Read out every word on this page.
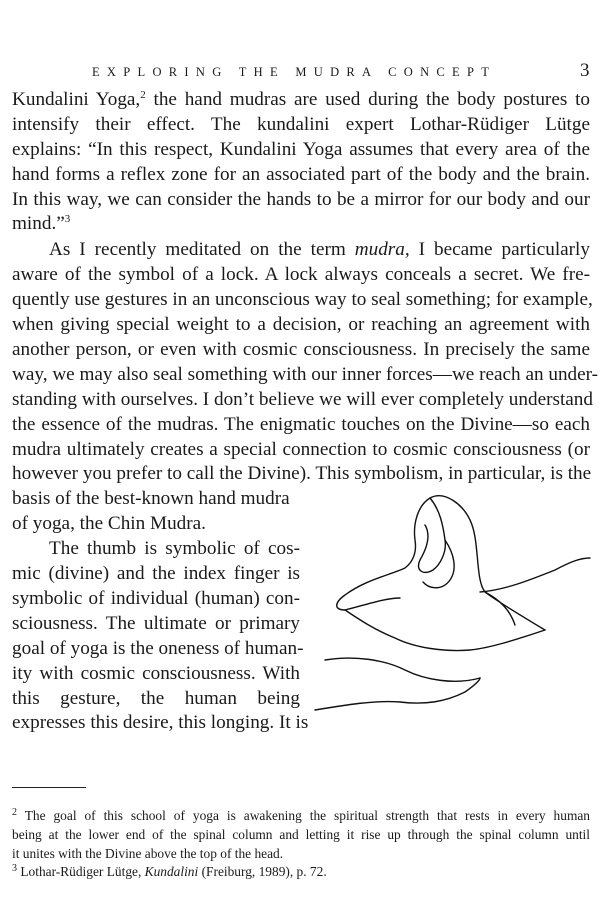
EXPLORING THE MUDRA CONCEPT	3
Kundalini Yoga,$^2$ the hand mudras are used during the body postures to
intensify their effect. The kundalini expert Lothar-Rüdiger Lütge
explains: “In this respect, Kundalini Yoga assumes that every area of the
hand forms a reflex zone for an associated part of the body and the brain.
In this way, we can consider the hands to be a mirror for our body and our
mind.”$^3$
As I recently meditated on the term mudra, I became particularly
aware of the symbol of a lock. A lock always conceals a secret. We fre-
quently use gestures in an unconscious way to seal something; for example,
when giving special weight to a decision, or reaching an agreement with
another person, or even with cosmic consciousness. In precisely the same
way, we may also seal something with our inner forces—we reach an under-
standing with ourselves. I don’t believe we will ever completely understand
the essence of the mudras. The enigmatic touches on the Divine—so each
mudra ultimately creates a special connection to cosmic consciousness (or
however you prefer to call the Divine). This symbolism, in particular, is the
basis of the best-known hand mudra
of yoga, the Chin Mudra.
The thumb is symbolic of cos-
mic (divine) and the index finger is
symbolic of individual (human) con-
sciousness. The ultimate or primary
goal of yoga is the oneness of human-
ity with cosmic consciousness. With
this gesture, the human being
expresses this desire, this longing. It is
$^2$ The goal of this school of yoga is awakening the spiritual strength that rests in every human
being at the lower end of the spinal column and letting it rise up through the spinal column until
it unites with the Divine above the top of the head.
$^3$ Lothar-Rüdiger Lütge, Kundalini (Freiburg, 1989), p. 72.
